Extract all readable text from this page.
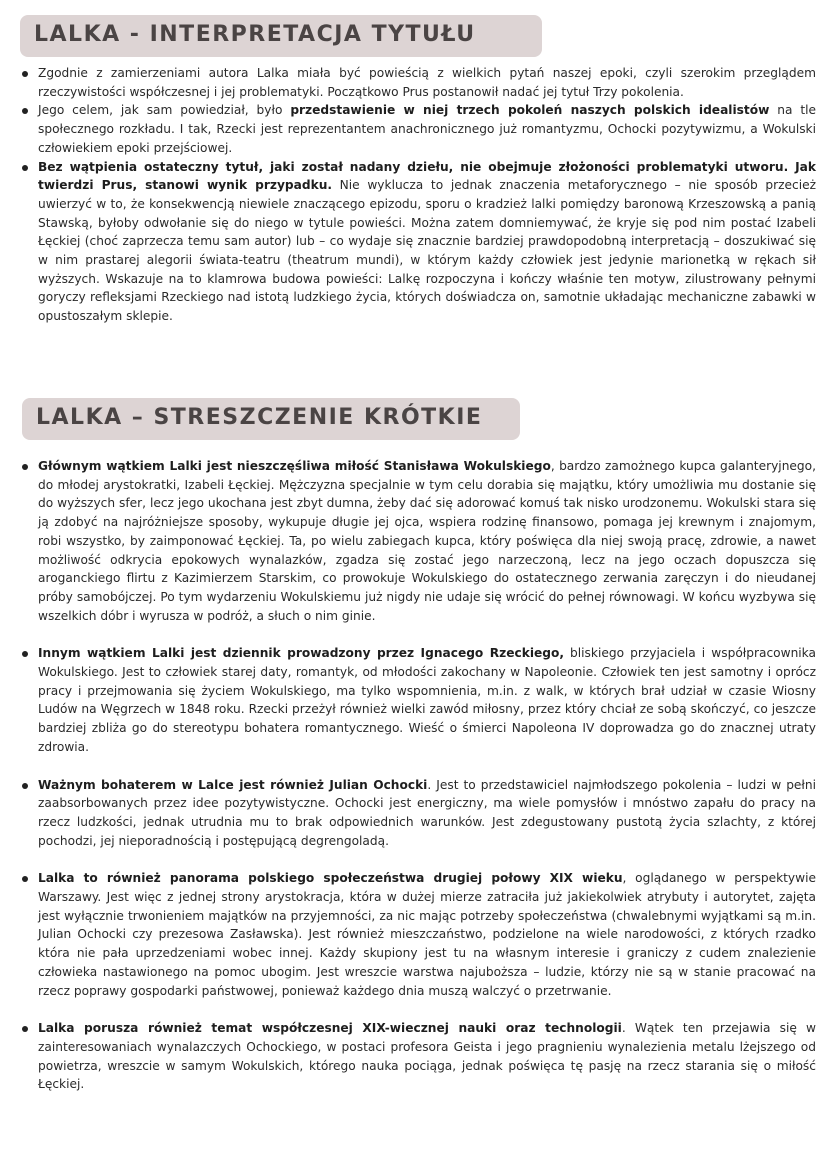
LALKA - INTERPRETACJA TYTUŁU
Zgodnie z zamierzeniami autora Lalka miała być powieścią z wielkich pytań naszej epoki, czyli szerokim przeglądem rzeczywistości współczesnej i jej problematyki. Początkowo Prus postanowił nadać jej tytuł Trzy pokolenia.
Jego celem, jak sam powiedział, było przedstawienie w niej trzech pokoleń naszych polskich idealistów na tle społecznego rozkładu. I tak, Rzecki jest reprezentantem anachronicznego już romantyzmu, Ochocki pozytywizmu, a Wokulski człowiekiem epoki przejściowej.
Bez wątpienia ostateczny tytuł, jaki został nadany dziełu, nie obejmuje złożoności problematyki utworu. Jak twierdzi Prus, stanowi wynik przypadku. Nie wyklucza to jednak znaczenia metaforycznego – nie sposób przecież uwierzyć w to, że konsekwencją niewiele znaczącego epizodu, sporu o kradzież lalki pomiędzy baronową Krzeszowską a panią Stawską, byłoby odwołanie się do niego w tytule powieści. Można zatem domniemywać, że kryje się pod nim postać Izabeli Łęckiej (choć zaprzecza temu sam autor) lub – co wydaje się znacznie bardziej prawdopodobną interpretacją – doszukiwać się w nim prastarej alegorii świata-teatru (theatrum mundi), w którym każdy człowiek jest jedynie marionetką w rękach sił wyższych. Wskazuje na to klamrowa budowa powieści: Lalkę rozpoczyna i kończy właśnie ten motyw, zilustrowany pełnymi goryczy refleksjami Rzeckiego nad istotą ludzkiego życia, których doświadcza on, samotnie układając mechaniczne zabawki w opustoszałym sklepie.
LALKA – STRESZCZENIE KRÓTKIE
Głównym wątkiem Lalki jest nieszczęśliwa miłość Stanisława Wokulskiego, bardzo zamożnego kupca galanteryjnego, do młodej arystokratki, Izabeli Łęckiej. Mężczyzna specjalnie w tym celu dorabia się majątku, który umożliwia mu dostanie się do wyższych sfer, lecz jego ukochana jest zbyt dumna, żeby dać się adorować komuś tak nisko urodzonemu. Wokulski stara się ją zdobyć na najróżniejsze sposoby, wykupuje długie jej ojca, wspiera rodzinę finansowo, pomaga jej krewnym i znajomym, robi wszystko, by zaimponować Łęckiej. Ta, po wielu zabiegach kupca, który poświęca dla niej swoją pracę, zdrowie, a nawet możliwość odkrycia epokowych wynalazków, zgadza się zostać jego narzeczoną, lecz na jego oczach dopuszcza się aroganckiego flirtu z Kazimierzem Starskim, co prowokuje Wokulskiego do ostatecznego zerwania zaręczyn i do nieudanej próby samobójczej. Po tym wydarzeniu Wokulskiemu już nigdy nie udaje się wrócić do pełnej równowagi. W końcu wyzbywa się wszelkich dóbr i wyrusza w podróż, a słuch o nim ginie.
Innym wątkiem Lalki jest dziennik prowadzony przez Ignacego Rzeckiego, bliskiego przyjaciela i współpracownika Wokulskiego. Jest to człowiek starej daty, romantyk, od młodości zakochany w Napoleonie. Człowiek ten jest samotny i oprócz pracy i przejmowania się życiem Wokulskiego, ma tylko wspomnienia, m.in. z walk, w których brał udział w czasie Wiosny Ludów na Węgrzech w 1848 roku. Rzecki przeżył również wielki zawód miłosny, przez który chciał ze sobą skończyć, co jeszcze bardziej zbliża go do stereotypu bohatera romantycznego. Wieść o śmierci Napoleona IV doprowadza go do znacznej utraty zdrowia.
Ważnym bohaterem w Lalce jest również Julian Ochocki. Jest to przedstawiciel najmłodszego pokolenia – ludzi w pełni zaabsorbowanych przez idee pozytywistyczne. Ochocki jest energiczny, ma wiele pomysłów i mnóstwo zapału do pracy na rzecz ludzkości, jednak utrudnia mu to brak odpowiednich warunków. Jest zdegustowany pustotą życia szlachty, z której pochodzi, jej nieporadnością i postępującą degrengoladą.
Lalka to również panorama polskiego społeczeństwa drugiej połowy XIX wieku, oglądanego w perspektywie Warszawy. Jest więc z jednej strony arystokracja, która w dużej mierze zatraciła już jakiekolwiek atrybuty i autorytet, zajęta jest wyłącznie trwonieniem majątków na przyjemności, za nic mając potrzeby społeczeństwa (chwalebnymi wyjątkami są m.in. Julian Ochocki czy prezesowa Zasławska). Jest również mieszczaństwo, podzielone na wiele narodowości, z których rzadko która nie pała uprzedzeniami wobec innej. Każdy skupiony jest tu na własnym interesie i graniczy z cudem znalezienie człowieka nastawionego na pomoc ubogim. Jest wreszcie warstwa najuboższa – ludzie, którzy nie są w stanie pracować na rzecz poprawy gospodarki państwowej, ponieważ każdego dnia muszą walczyć o przetrwanie.
Lalka porusza również temat współczesnej XIX-wiecznej nauki oraz technologii. Wątek ten przejawia się w zainteresowaniach wynalazczych Ochockiego, w postaci profesora Geista i jego pragnieniu wynalezienia metalu lżejszego od powietrza, wreszcie w samym Wokulskich, którego nauka pociąga, jednak poświęca tę pasję na rzecz starania się o miłość Łęckiej.
